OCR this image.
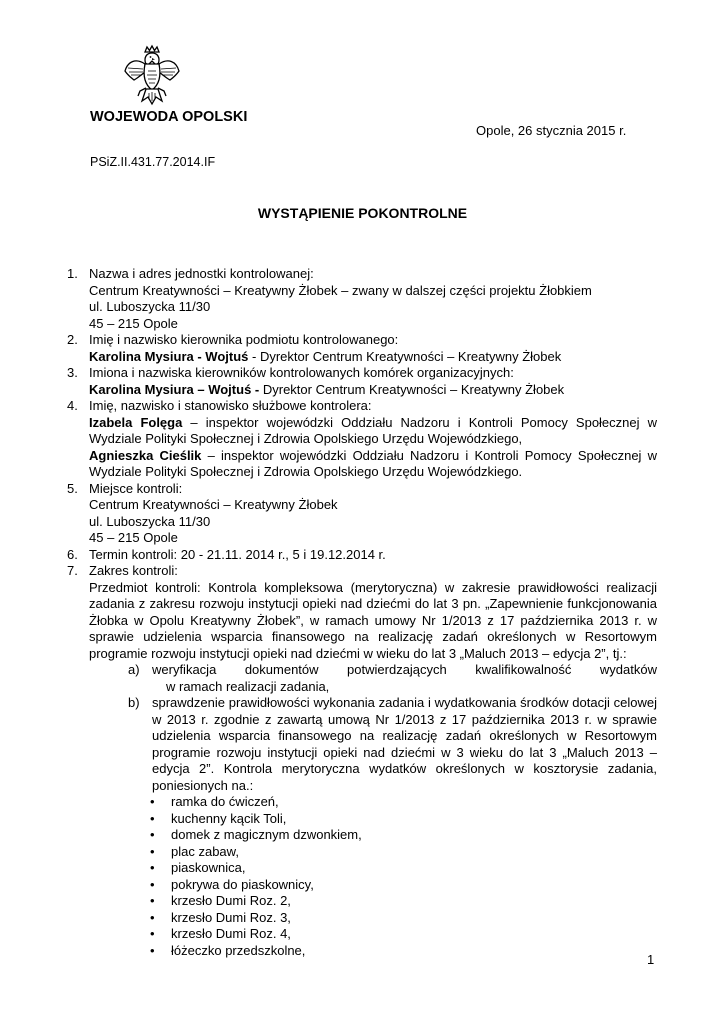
WOJEWODA OPOLSKI
Opole, 26 stycznia 2015 r.
PSiZ.II.431.77.2014.IF
WYSTĄPIENIE POKONTROLNE
1. Nazwa i adres jednostki kontrolowanej:
Centrum Kreatywności – Kreatywny Żłobek – zwany w dalszej części projektu Żłobkiem
ul. Luboszycka 11/30
45 – 215 Opole
2. Imię i nazwisko kierownika podmiotu kontrolowanego:
Karolina Mysiura - Wojtuś - Dyrektor Centrum Kreatywności – Kreatywny Żłobek
3. Imiona i nazwiska kierowników kontrolowanych komórek organizacyjnych:
Karolina Mysiura – Wojtuś - Dyrektor Centrum Kreatywności – Kreatywny Żłobek
4. Imię, nazwisko i stanowisko służbowe kontrolera:
Izabela Folęga – inspektor wojewódzki Oddziału Nadzoru i Kontroli Pomocy Społecznej w Wydziale Polityki Społecznej i Zdrowia Opolskiego Urzędu Wojewódzkiego,
Agnieszka Cieślik – inspektor wojewódzki Oddziału Nadzoru i Kontroli Pomocy Społecznej w Wydziale Polityki Społecznej i Zdrowia Opolskiego Urzędu Wojewódzkiego.
5. Miejsce kontroli:
Centrum Kreatywności – Kreatywny Żłobek
ul. Luboszycka 11/30
45 – 215 Opole
6. Termin kontroli: 20 - 21.11. 2014 r., 5 i 19.12.2014 r.
7. Zakres kontroli:
Przedmiot kontroli: Kontrola kompleksowa (merytoryczna) w zakresie prawidłowości realizacji zadania z zakresu rozwoju instytucji opieki nad dziećmi do lat 3 pn. „Zapewnienie funkcjonowania Żłobka w Opolu Kreatywny Żłobek”, w ramach umowy Nr 1/2013 z 17 października 2013 r. w sprawie udzielenia wsparcia finansowego na realizację zadań określonych w Resortowym programie rozwoju instytucji opieki nad dziećmi w wieku do lat 3 „Maluch 2013 – edycja 2”, tj.:
a) weryfikacja dokumentów potwierdzających kwalifikowalność wydatków
w ramach realizacji zadania,
b) sprawdzenie prawidłowości wykonania zadania i wydatkowania środków dotacji celowej w 2013 r. zgodnie z zawartą umową Nr 1/2013 z 17 października 2013 r. w sprawie udzielenia wsparcia finansowego na realizację zadań określonych w Resortowym programie rozwoju instytucji opieki nad dziećmi w 3 wieku do lat 3 „Maluch 2013 – edycja 2”. Kontrola merytoryczna wydatków określonych w kosztorysie zadania, poniesionych na.:
• ramka do ćwiczeń,
• kuchenny kącik Toli,
• domek z magicznym dzwonkiem,
• plac zabaw,
• piaskownica,
• pokrywa do piaskownicy,
• krzesło Dumi Roz. 2,
• krzesło Dumi Roz. 3,
• krzesło Dumi Roz. 4,
• łóżeczko przedszkolne,
1
